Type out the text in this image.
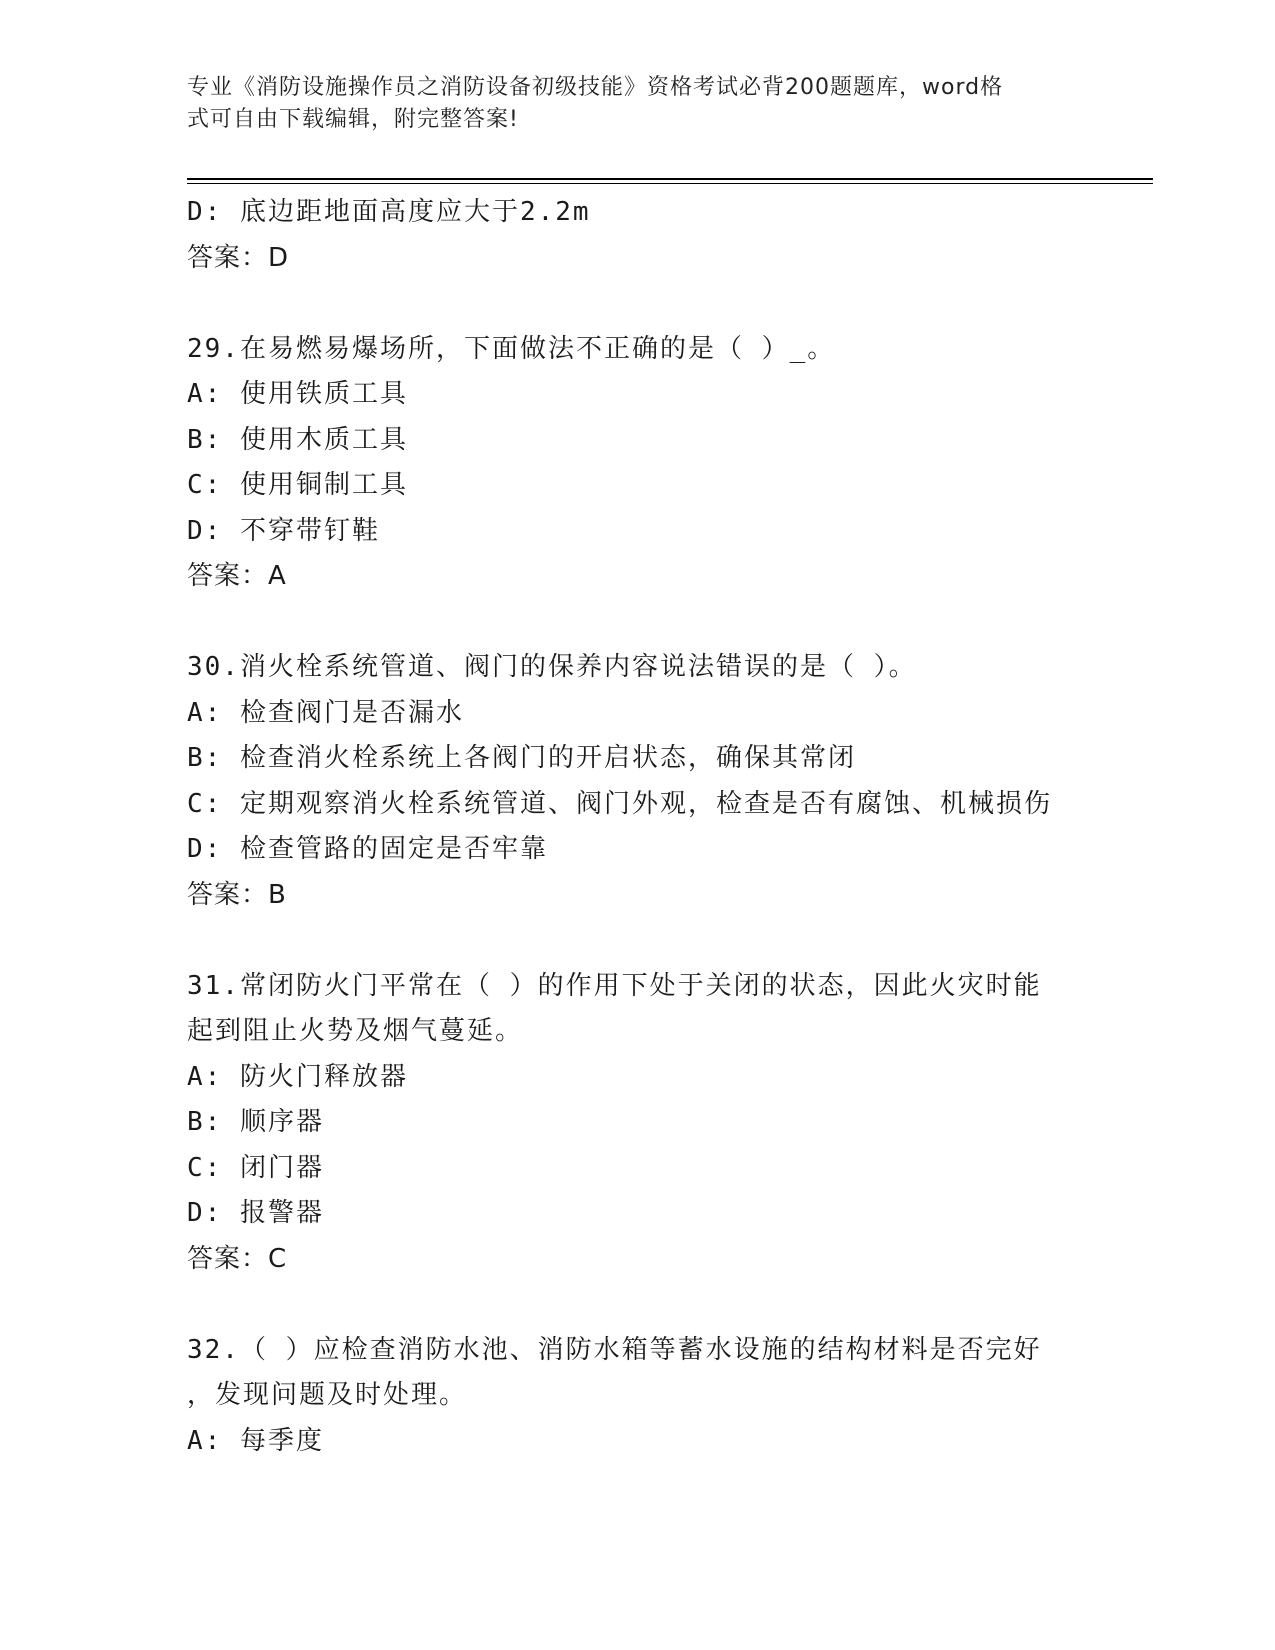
专业《消防设施操作员之消防设备初级技能》资格考试必背200题题库，word格
式可自由下载编辑，附完整答案!
D: 底边距地面高度应大于2.2m
答案：D
29.在易燃易爆场所，下面做法不正确的是（ ）_。
A: 使用铁质工具
B: 使用木质工具
C: 使用铜制工具
D: 不穿带钉鞋
答案：A
30.消火栓系统管道、阀门的保养内容说法错误的是（ ）。
A: 检查阀门是否漏水
B: 检查消火栓系统上各阀门的开启状态，确保其常闭
C: 定期观察消火栓系统管道、阀门外观，检查是否有腐蚀、机械损伤
D: 检查管路的固定是否牢靠
答案：B
31.常闭防火门平常在（ ）的作用下处于关闭的状态，因此火灾时能
起到阻止火势及烟气蔓延。
A: 防火门释放器
B: 顺序器
C: 闭门器
D: 报警器
答案：C
32.（ ）应检查消防水池、消防水箱等蓄水设施的结构材料是否完好
，发现问题及时处理。
A: 每季度
